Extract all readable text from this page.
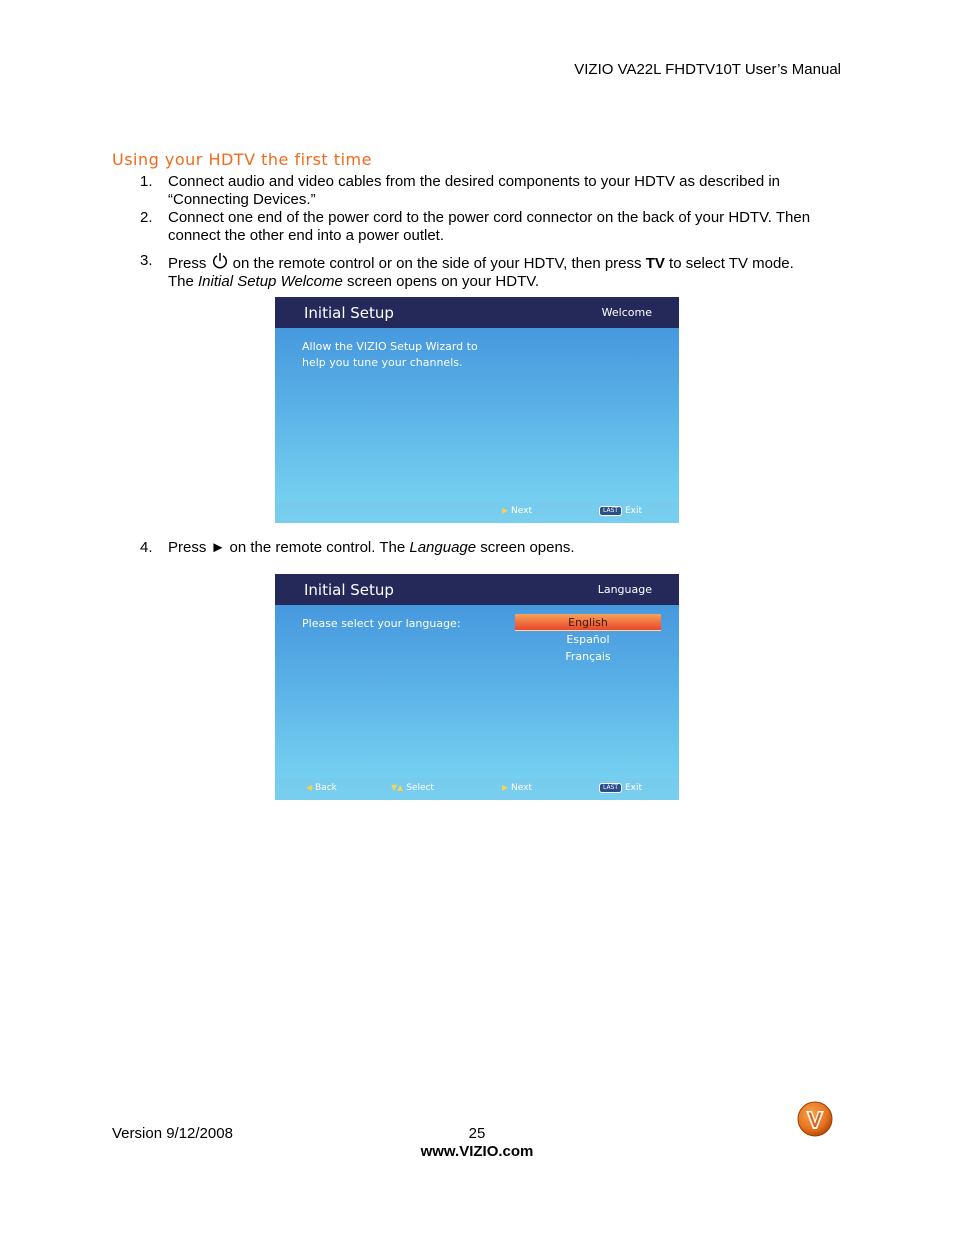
VIZIO VA22L FHDTV10T User’s Manual
Using your HDTV the first time
1. Connect audio and video cables from the desired components to your HDTV as described in “Connecting Devices.”
2. Connect one end of the power cord to the power cord connector on the back of your HDTV. Then connect the other end into a power outlet.
3. Press
on the remote control or on the side of your HDTV, then press TV to select TV mode.
The Initial Setup Welcome screen opens on your HDTV.
Initial Setup	Welcome
Allow the VIZIO Setup Wizard to help you tune your channels.
▶ Next	LAST Exit
4. Press ► on the remote control. The Language screen opens.
Initial Setup	Language
Please select your language:	English
Español
Français
◀ Back	▼▲ Select	▶ Next	LAST Exit
Version 9/12/2008	25
www.VIZIO.com
